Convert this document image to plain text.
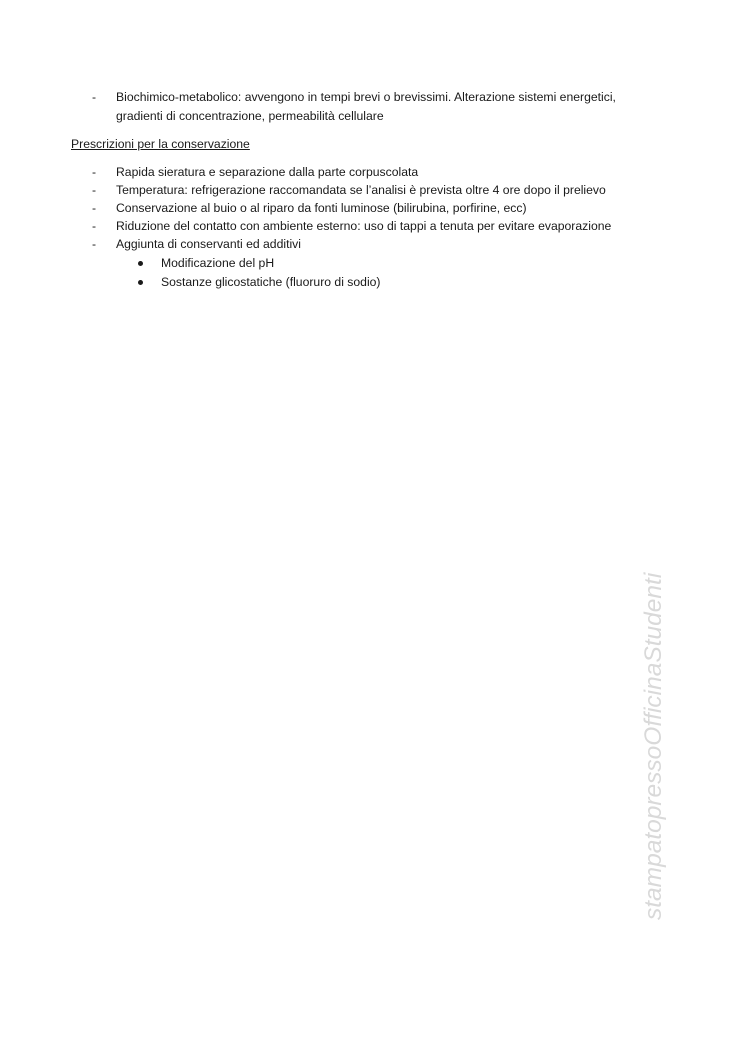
-	Biochimico-metabolico: avvengono in tempi brevi o brevissimi. Alterazione sistemi energetici,
gradienti di concentrazione, permeabilità cellulare
Prescrizioni per la conservazione
-	Rapida sieratura e separazione dalla parte corpuscolata
-	Temperatura: refrigerazione raccomandata se l’analisi è prevista oltre 4 ore dopo il prelievo
-	Conservazione al buio o al riparo da fonti luminose (bilirubina, porfirine, ecc)
-	Riduzione del contatto con ambiente esterno: uso di tappi a tenuta per evitare evaporazione
-	Aggiunta di conservanti ed additivi
Modificazione del pH
Sostanze glicostatiche (fluoruro di sodio)
stampatopressoOfficinaStudenti
